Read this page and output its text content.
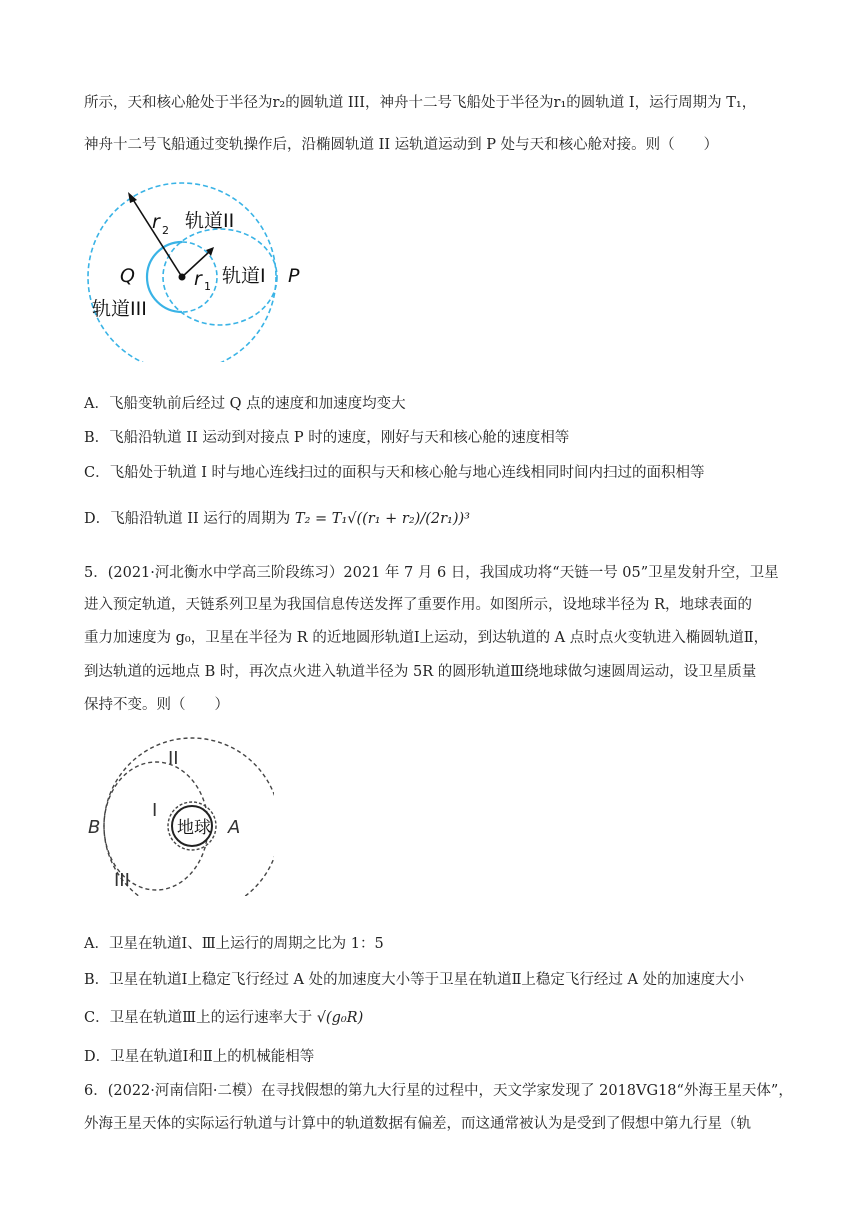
所示，天和核心舱处于半径为r₂的圆轨道 III，神舟十二号飞船处于半径为r₁的圆轨道 I，运行周期为 T₁，
神舟十二号飞船通过变轨操作后，沿椭圆轨道 II 运轨道运动到 P 处与天和核心舱对接。则（　　）
r 2 轨道II
r 1 轨道I
Q	P
轨道III
A．飞船变轨前后经过 Q 点的速度和加速度均变大
B．飞船沿轨道 II 运动到对接点 P 时的速度，刚好与天和核心舱的速度相等
C．飞船处于轨道 I 时与地心连线扫过的面积与天和核心舱与地心连线相同时间内扫过的面积相等
D．飞船沿轨道 II 运行的周期为 T₂ = T₁√((r₁ + r₂)/(2r₁))³
5．(2021·河北衡水中学高三阶段练习）2021 年 7 月 6 日，我国成功将“天链一号 05”卫星发射升空，卫星
进入预定轨道，天链系列卫星为我国信息传送发挥了重要作用。如图所示，设地球半径为 R，地球表面的
重力加速度为 g₀，卫星在半径为 R 的近地圆形轨道Ⅰ上运动，到达轨道的 A 点时点火变轨进入椭圆轨道Ⅱ，
到达轨道的远地点 B 时，再次点火进入轨道半径为 5R 的圆形轨道Ⅲ绕地球做匀速圆周运动，设卫星质量
保持不变。则（　　）
地球
II
I
III
A
B
A．卫星在轨道Ⅰ、Ⅲ上运行的周期之比为 1：5
B．卫星在轨道Ⅰ上稳定飞行经过 A 处的加速度大小等于卫星在轨道Ⅱ上稳定飞行经过 A 处的加速度大小
C．卫星在轨道Ⅲ上的运行速率大于 √(g₀R)
D．卫星在轨道Ⅰ和Ⅱ上的机械能相等
6．(2022·河南信阳·二模）在寻找假想的第九大行星的过程中，天文学家发现了 2018VG18“外海王星天体”，
外海王星天体的实际运行轨道与计算中的轨道数据有偏差，而这通常被认为是受到了假想中第九行星（轨
